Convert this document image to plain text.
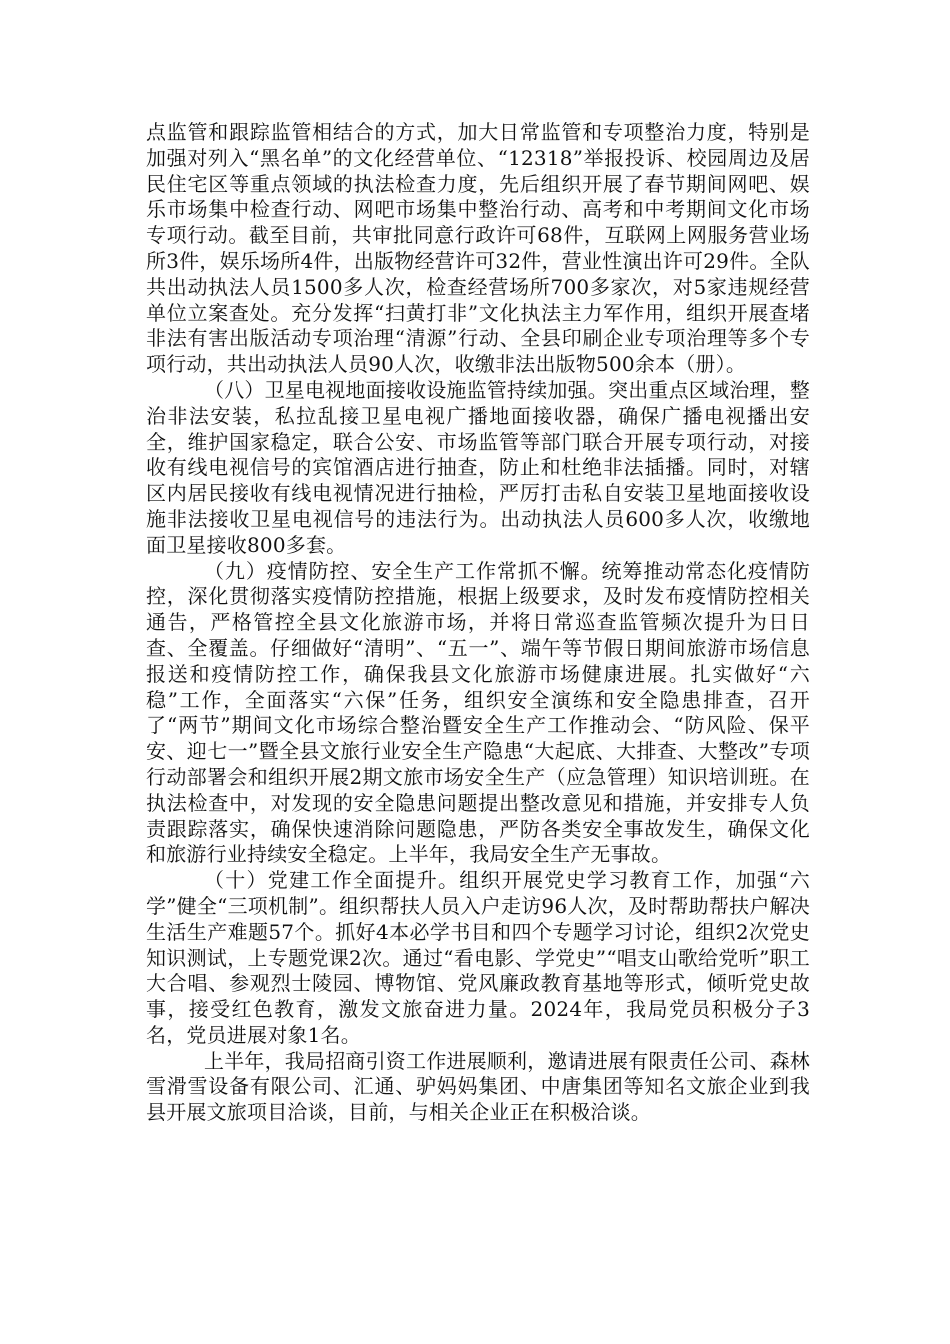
点监管和跟踪监管相结合的方式，加大日常监管和专项整治力度，特别是加强对列入“黑名单”的文化经营单位、“12318”举报投诉、校园周边及居民住宅区等重点领域的执法检查力度，先后组织开展了春节期间网吧、娱乐市场集中检查行动、网吧市场集中整治行动、高考和中考期间文化市场专项行动。截至目前，共审批同意行政许可68件，互联网上网服务营业场所3件，娱乐场所4件，出版物经营许可32件，营业性演出许可29件。全队共出动执法人员1500多人次，检查经营场所700多家次，对5家违规经营单位立案查处。充分发挥“扫黄打非”文化执法主力军作用，组织开展查堵非法有害出版活动专项治理“清源”行动、全县印刷企业专项治理等多个专项行动，共出动执法人员90人次，收缴非法出版物500余本（册）。

（八）卫星电视地面接收设施监管持续加强。突出重点区域治理，整治非法安装，私拉乱接卫星电视广播地面接收器，确保广播电视播出安全，维护国家稳定，联合公安、市场监管等部门联合开展专项行动，对接收有线电视信号的宾馆酒店进行抽查，防止和杜绝非法插播。同时，对辖区内居民接收有线电视情况进行抽检，严厉打击私自安装卫星地面接收设施非法接收卫星电视信号的违法行为。出动执法人员600多人次，收缴地面卫星接收800多套。

（九）疫情防控、安全生产工作常抓不懈。统筹推动常态化疫情防控，深化贯彻落实疫情防控措施，根据上级要求，及时发布疫情防控相关通告，严格管控全县文化旅游市场，并将日常巡查监管频次提升为日日查、全覆盖。仔细做好“清明”、“五一”、端午等节假日期间旅游市场信息报送和疫情防控工作，确保我县文化旅游市场健康进展。扎实做好“六稳”工作，全面落实“六保”任务，组织安全演练和安全隐患排查，召开了“两节”期间文化市场综合整治暨安全生产工作推动会、“防风险、保平安、迎七一”暨全县文旅行业安全生产隐患“大起底、大排查、大整改”专项行动部署会和组织开展2期文旅市场安全生产（应急管理）知识培训班。在执法检查中，对发现的安全隐患问题提出整改意见和措施，并安排专人负责跟踪落实，确保快速消除问题隐患，严防各类安全事故发生，确保文化和旅游行业持续安全稳定。上半年，我局安全生产无事故。

（十）党建工作全面提升。组织开展党史学习教育工作，加强“六学”健全“三项机制”。组织帮扶人员入户走访96人次，及时帮助帮扶户解决生活生产难题57个。抓好4本必学书目和四个专题学习讨论，组织2次党史知识测试，上专题党课2次。通过“看电影、学党史”“唱支山歌给党听”职工大合唱、参观烈士陵园、博物馆、党风廉政教育基地等形式，倾听党史故事，接受红色教育，激发文旅奋进力量。2024年，我局党员积极分子3名，党员进展对象1名。

上半年，我局招商引资工作进展顺利，邀请进展有限责任公司、森林雪滑雪设备有限公司、汇通、驴妈妈集团、中唐集团等知名文旅企业到我县开展文旅项目洽谈，目前，与相关企业正在积极洽谈。
